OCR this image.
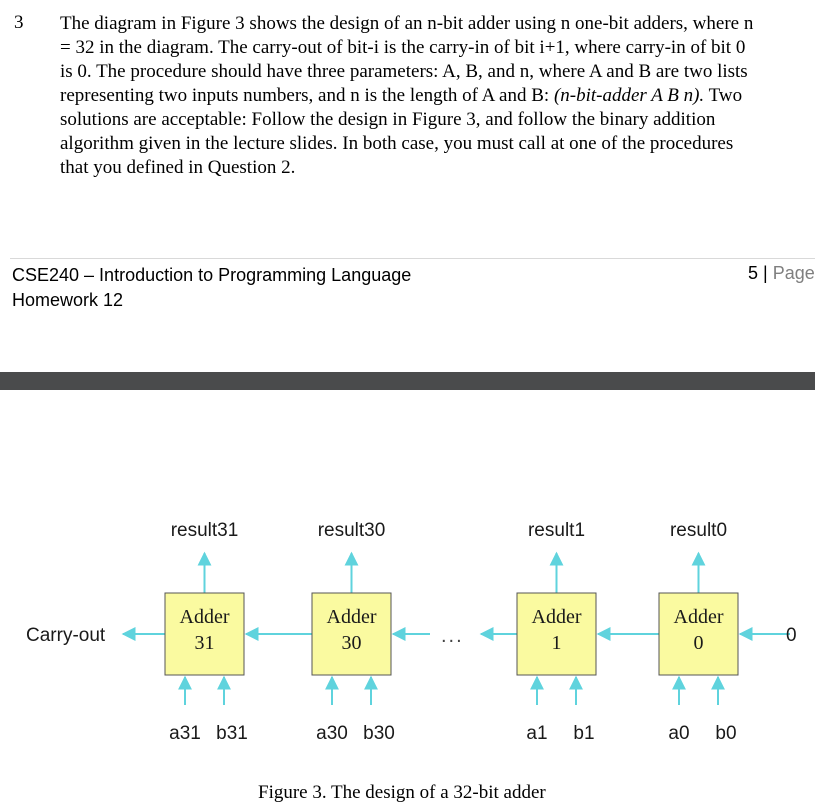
3 The diagram in Figure 3 shows the design of an n-bit adder using n one-bit adders, where n
= 32 in the diagram. The carry-out of bit-i is the carry-in of bit i+1, where carry-in of bit 0
is 0. The procedure should have three parameters: A, B, and n, where A and B are two lists
representing two inputs numbers, and n is the length of A and B: (n-bit-adder A B n). Two
solutions are acceptable: Follow the design in Figure 3, and follow the binary addition
algorithm given in the lecture slides. In both case, you must call at one of the procedures
that you defined in Question 2.
CSE240 – Introduction to Programming Language
Homework 12
5 | Page
0
Carry-out	...
result31
Adder
31
a31 b31
result30
Adder
30
a30 b30
result1
Adder
1
a1 b1
result0
Adder
0
a0 b0
Figure 3. The design of a 32-bit adder
